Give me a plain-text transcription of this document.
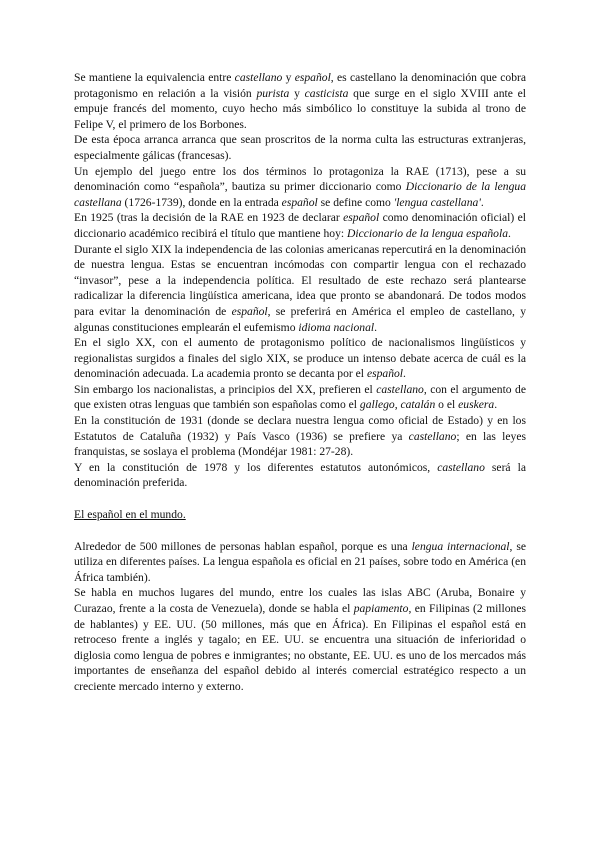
Se mantiene la equivalencia entre castellano y español, es castellano la denominación que cobra protagonismo en relación a la visión purista y casticista que surge en el siglo XVIII ante el empuje francés del momento, cuyo hecho más simbólico lo constituye la subida al trono de Felipe V, el primero de los Borbones.

De esta época arranca arranca que sean proscritos de la norma culta las estructuras extranjeras, especialmente gálicas (francesas).

Un ejemplo del juego entre los dos términos lo protagoniza la RAE (1713), pese a su denominación como “española”, bautiza su primer diccionario como Diccionario de la lengua castellana (1726-1739), donde en la entrada español se define como 'lengua castellana'.

En 1925 (tras la decisión de la RAE en 1923 de declarar español como denominación oficial) el diccionario académico recibirá el título que mantiene hoy: Diccionario de la lengua española.

Durante el siglo XIX la independencia de las colonias americanas repercutirá en la denominación de nuestra lengua. Estas se encuentran incómodas con compartir lengua con el rechazado “invasor”, pese a la independencia política. El resultado de este rechazo será plantearse radicalizar la diferencia lingüística americana, idea que pronto se abandonará. De todos modos para evitar la denominación de español, se preferirá en América el empleo de castellano, y algunas constituciones emplearán el eufemismo idioma nacional.

En el siglo XX, con el aumento de protagonismo político de nacionalismos lingüísticos y regionalistas surgidos a finales del siglo XIX, se produce un intenso debate acerca de cuál es la denominación adecuada. La academia pronto se decanta por el español.

Sin embargo los nacionalistas, a principios del XX, prefieren el castellano, con el argumento de que existen otras lenguas que también son españolas como el gallego, catalán o el euskera.

En la constitución de 1931 (donde se declara nuestra lengua como oficial de Estado) y en los Estatutos de Cataluña (1932) y País Vasco (1936) se prefiere ya castellano; en las leyes franquistas, se soslaya el problema (Mondéjar 1981: 27-28).

Y en la constitución de 1978 y los diferentes estatutos autonómicos, castellano será la denominación preferida.

El español en el mundo.

Alrededor de 500 millones de personas hablan español, porque es una lengua internacional, se utiliza en diferentes países. La lengua española es oficial en 21 países, sobre todo en América (en África también).

Se habla en muchos lugares del mundo, entre los cuales las islas ABC (Aruba, Bonaire y Curazao, frente a la costa de Venezuela), donde se habla el papiamento, en Filipinas (2 millones de hablantes) y EE. UU. (50 millones, más que en África). En Filipinas el español está en retroceso frente a inglés y tagalo; en EE. UU. se encuentra una situación de inferioridad o diglosia como lengua de pobres e inmigrantes; no obstante, EE. UU. es uno de los mercados más importantes de enseñanza del español debido al interés comercial estratégico respecto a un creciente mercado interno y externo.
